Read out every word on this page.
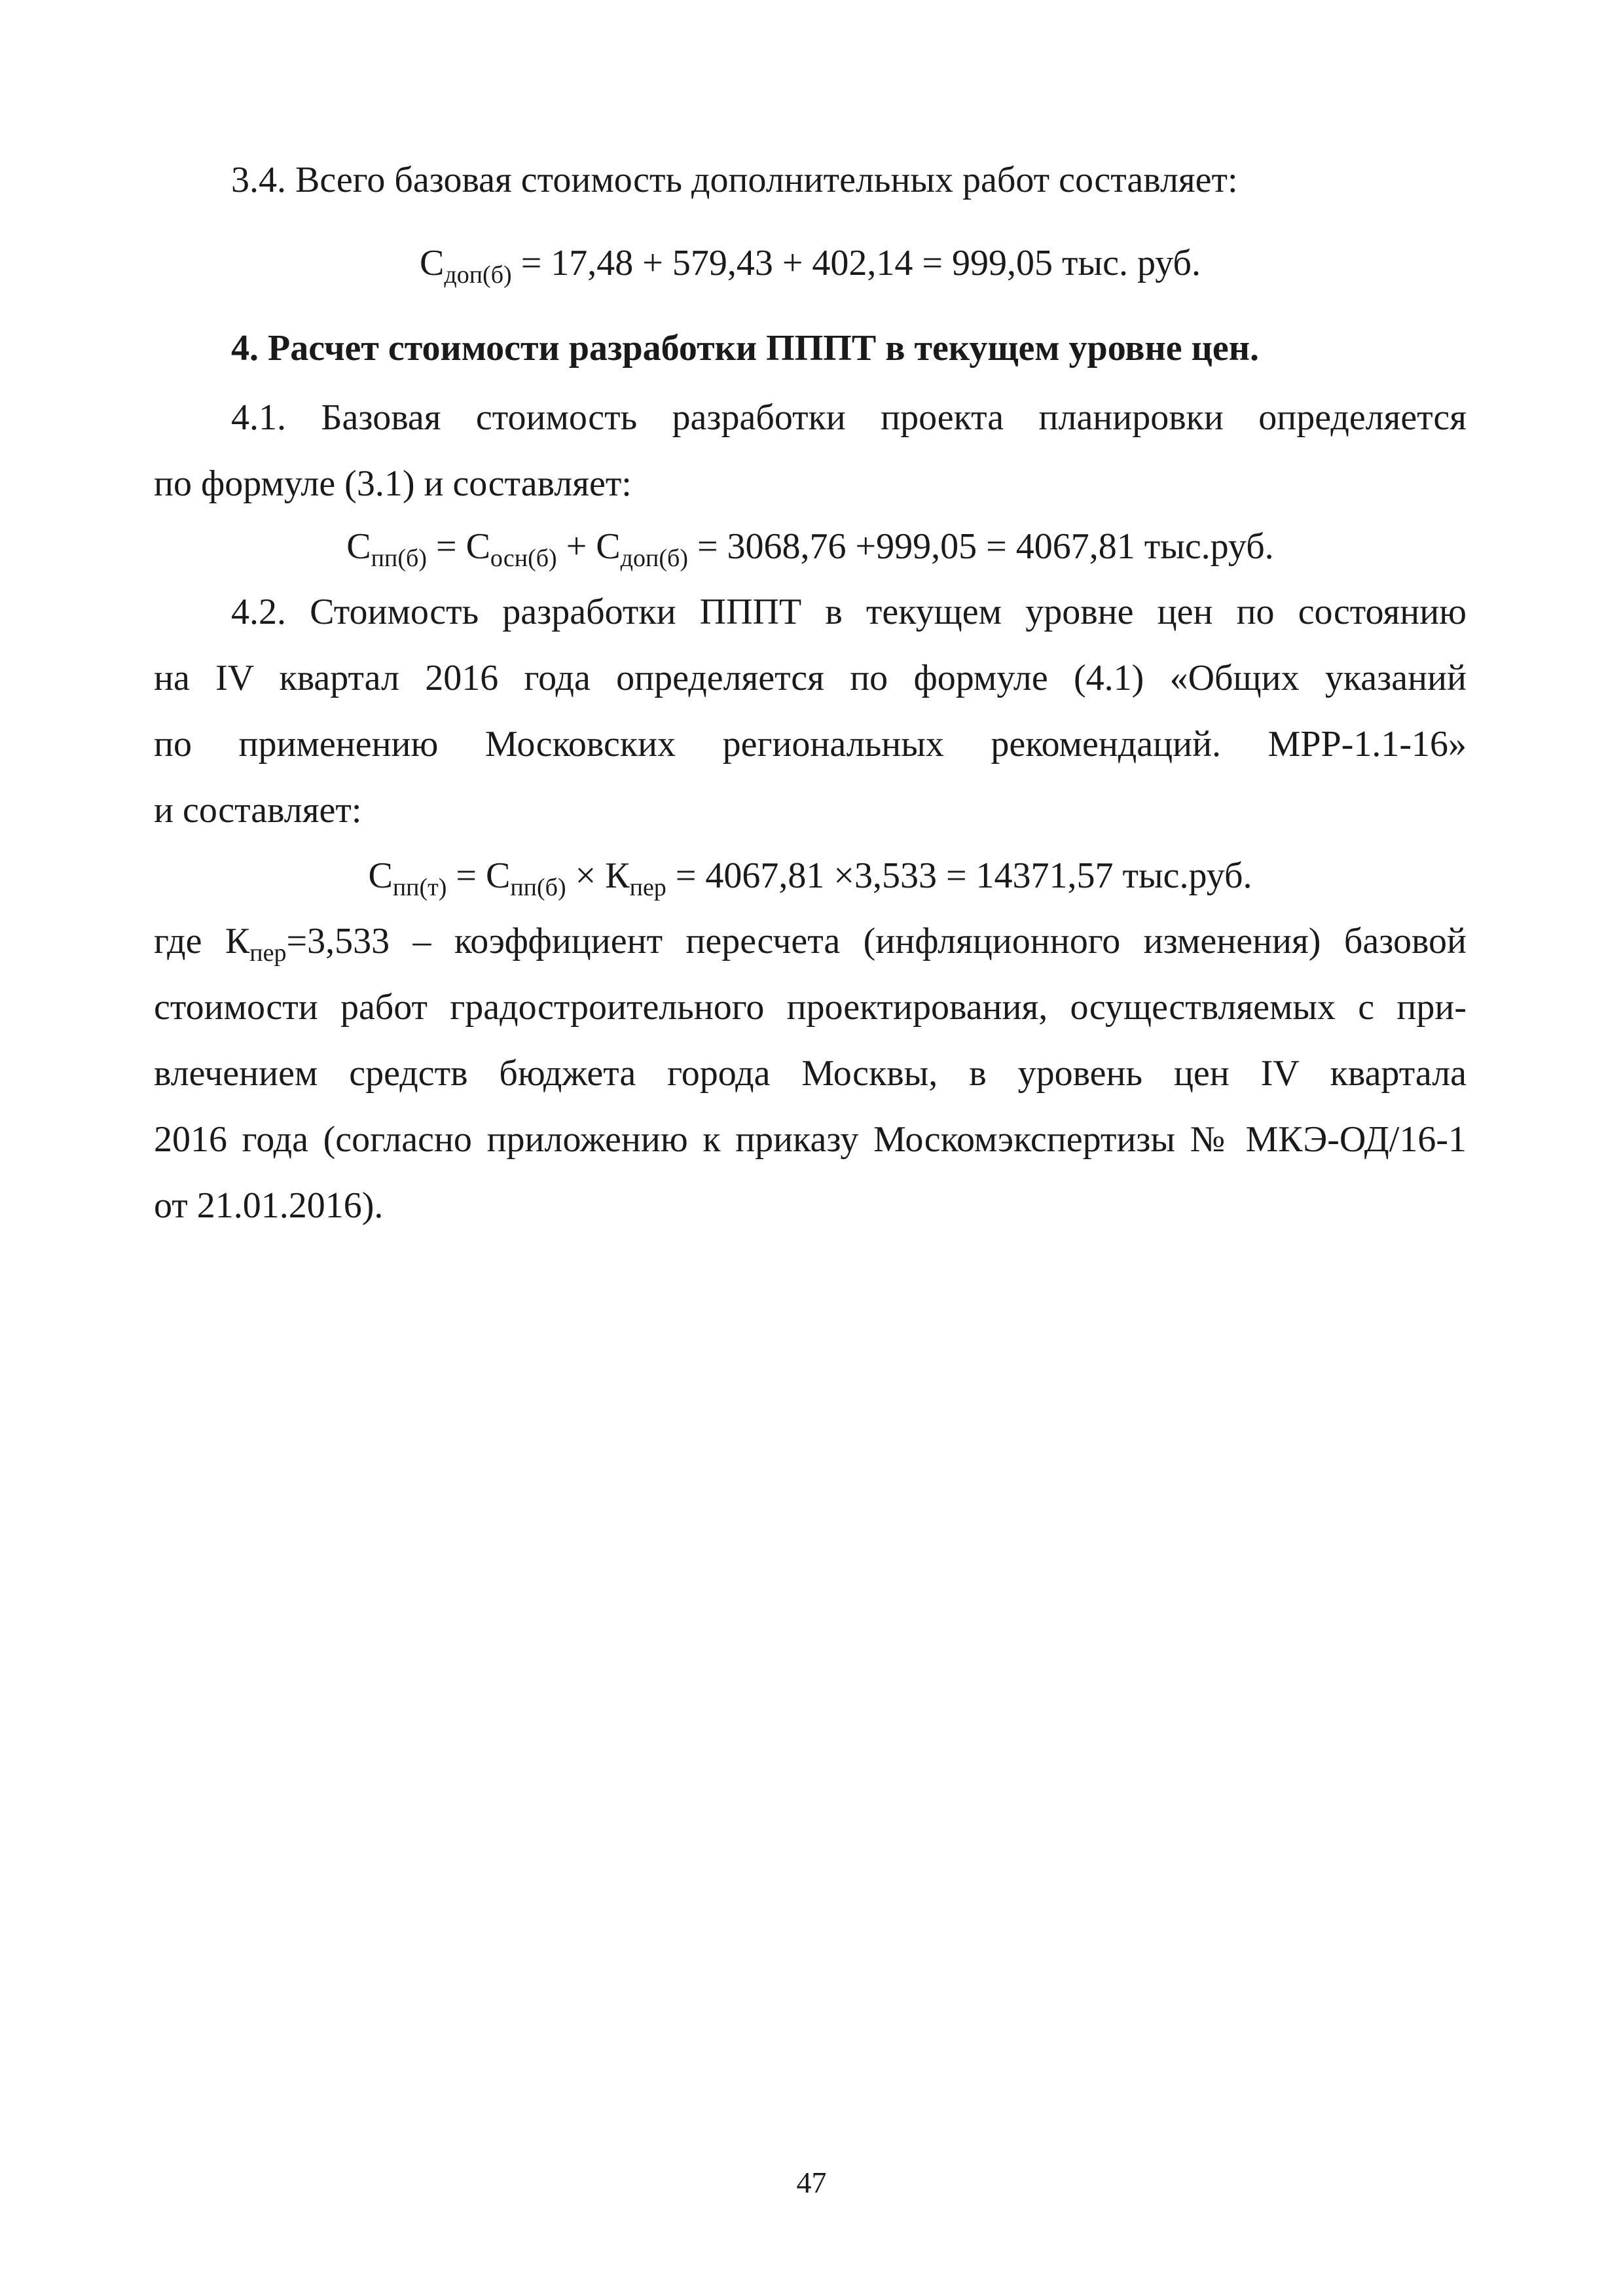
3.4. Всего базовая стоимость дополнительных работ составляет:
$С_{доп(б)} = 17,48 + 579,43 + 402,14 = 999,05$ тыс. руб.
4. Расчет стоимости разработки ПППТ в текущем уровне цен.
4.1. Базовая стоимость разработки проекта планировки определяется
по формуле (3.1) и составляет:
$С_{пп(б)} = С_{осн(б)} + С_{доп(б)} = 3068,76 +999,05 = 4067,81$ тыс.руб.
4.2. Стоимость разработки ПППТ в текущем уровне цен по состоянию
на IV квартал 2016 года определяется по формуле (4.1) «Общих указаний
по применению Московских региональных рекомендаций. МРР-1.1-16»
и составляет:
$С_{пп(т)} = С_{пп(б)} \times К_{пер} = 4067,81 \times 3,533 = 14371,57$ тыс.руб.
где $К_{пер}=3,533$ – коэффициент пересчета (инфляционного изменения) базовой
стоимости работ градостроительного проектирования, осуществляемых с при-
влечением средств бюджета города Москвы, в уровень цен IV квартала
2016 года (согласно приложению к приказу Москомэкспертизы № МКЭ-ОД/16-1
от 21.01.2016).
47
